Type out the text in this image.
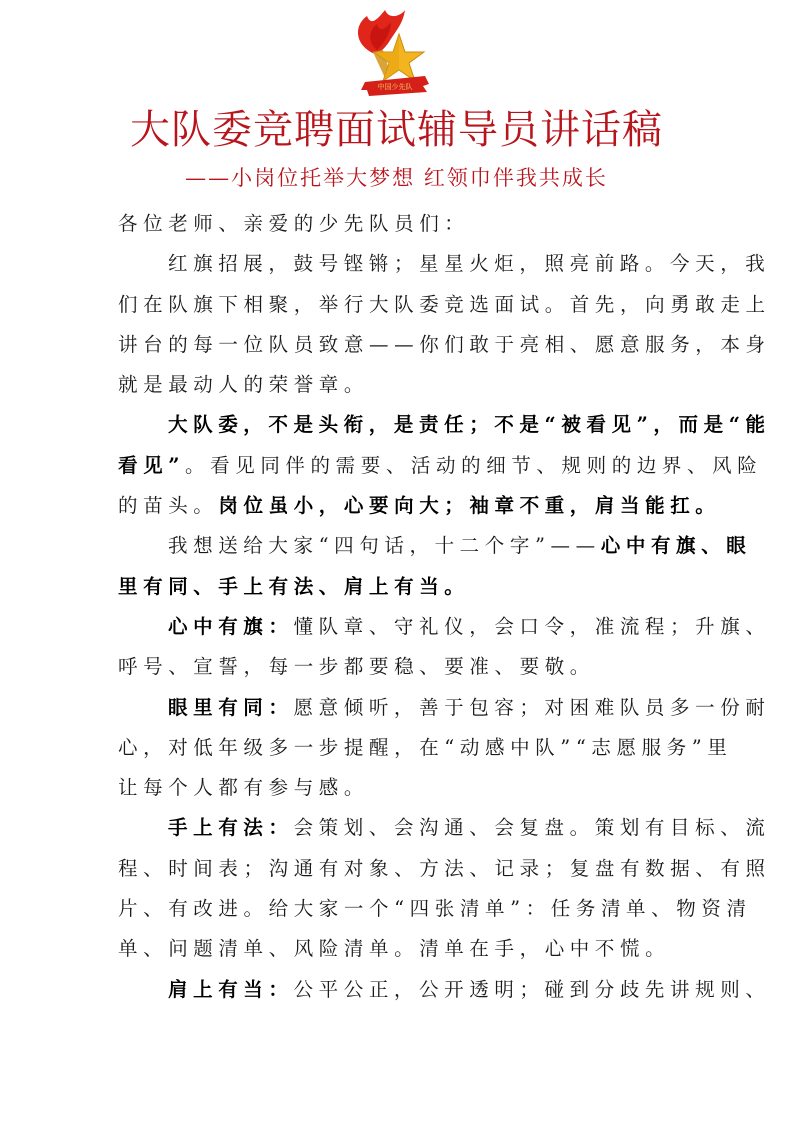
中国少先队
大队委竞聘面试辅导员讲话稿
——小岗位托举大梦想 红领巾伴我共成长
各位老师、亲爱的少先队员们：
红旗招展，鼓号铿锵；星星火炬，照亮前路。今天，我
们在队旗下相聚，举行大队委竞选面试。首先，向勇敢走上
讲台的每一位队员致意——你们敢于亮相、愿意服务，本身
就是最动人的荣誉章。
大队委，不是头衔，是责任；不是“被看见”，而是“能
看见”。看见同伴的需要、活动的细节、规则的边界、风险
的苗头。岗位虽小，心要向大；袖章不重，肩当能扛。
我想送给大家“四句话，十二个字”——心中有旗、眼
里有同、手上有法、肩上有当。
心中有旗：懂队章、守礼仪，会口令，准流程；升旗、
呼号、宣誓，每一步都要稳、要准、要敬。
眼里有同：愿意倾听，善于包容；对困难队员多一份耐
心，对低年级多一步提醒，在“动感中队”“志愿服务”里
让每个人都有参与感。
手上有法：会策划、会沟通、会复盘。策划有目标、流
程、时间表；沟通有对象、方法、记录；复盘有数据、有照
片、有改进。给大家一个“四张清单”：任务清单、物资清
单、问题清单、风险清单。清单在手，心中不慌。
肩上有当：公平公正，公开透明；碰到分歧先讲规则、
